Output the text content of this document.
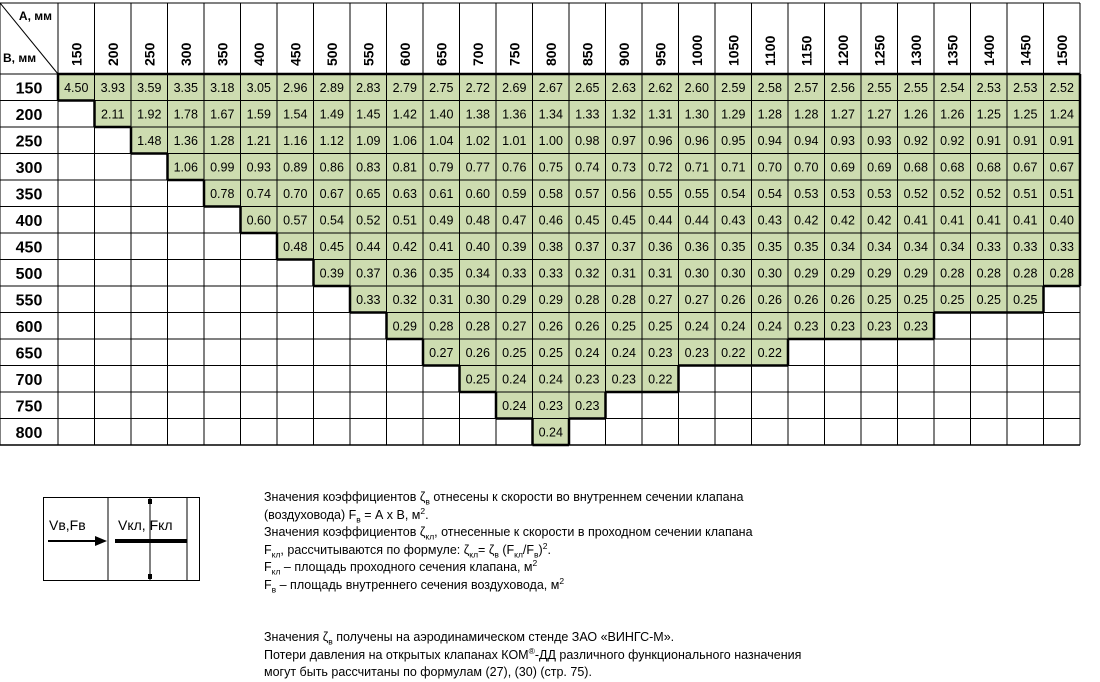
А, мм
В, мм 150 200 250 300 350 400 450 500 550 600 650 700 750 800 850 900 950 1000 1050 1100 1150 1200 1250 1300 1350 1400 1450 1500
150
200
250
300
350
400
450
500
550
600
650
700
750
800
4.50 3.93 3.59 3.35 3.18 3.05 2.96 2.89 2.83 2.79 2.75 2.72 2.69 2.67 2.65 2.63 2.62 2.60 2.59 2.58 2.57 2.56 2.55 2.55 2.54 2.53 2.53 2.52
2.11 1.92 1.78 1.67 1.59 1.54 1.49 1.45 1.42 1.40 1.38 1.36 1.34 1.33 1.32 1.31 1.30 1.29 1.28 1.28 1.27 1.27 1.26 1.26 1.25 1.25 1.24
1.48 1.36 1.28 1.21 1.16 1.12 1.09 1.06 1.04 1.02 1.01 1.00 0.98 0.97 0.96 0.96 0.95 0.94 0.94 0.93 0.93 0.92 0.92 0.91 0.91 0.91
1.06 0.99 0.93 0.89 0.86 0.83 0.81 0.79 0.77 0.76 0.75 0.74 0.73 0.72 0.71 0.71 0.70 0.70 0.69 0.69 0.68 0.68 0.68 0.67 0.67
0.78 0.74 0.70 0.67 0.65 0.63 0.61 0.60 0.59 0.58 0.57 0.56 0.55 0.55 0.54 0.54 0.53 0.53 0.53 0.52 0.52 0.52 0.51 0.51
0.60 0.57 0.54 0.52 0.51 0.49 0.48 0.47 0.46 0.45 0.45 0.44 0.44 0.43 0.43 0.42 0.42 0.42 0.41 0.41 0.41 0.41 0.40
0.48 0.45 0.44 0.42 0.41 0.40 0.39 0.38 0.37 0.37 0.36 0.36 0.35 0.35 0.35 0.34 0.34 0.34 0.34 0.33 0.33 0.33
0.39 0.37 0.36 0.35 0.34 0.33 0.33 0.32 0.31 0.31 0.30 0.30 0.30 0.29 0.29 0.29 0.29 0.28 0.28 0.28 0.28
0.33 0.32 0.31 0.30 0.29 0.29 0.28 0.28 0.27 0.27 0.26 0.26 0.26 0.26 0.25 0.25 0.25 0.25 0.25
0.29 0.28 0.28 0.27 0.26 0.26 0.25 0.25 0.24 0.24 0.24 0.23 0.23 0.23 0.23
0.27 0.26 0.25 0.25 0.24 0.24 0.23 0.23 0.22 0.22
0.25 0.24 0.24 0.23 0.23 0.22
0.24 0.23 0.23
0.24
Vв,Fв Vкл, Fкл

Значения коэффициентов $\zeta_в$ отнесены к скорости во внутреннем сечении клапана

(воздуховода) $F_в = А$ х В, $м^2$.

Значения коэффициентов $\zeta_{кл}$, отнесенные к скорости в проходном сечении клапана

$F_{кл}$, рассчитываются по формуле: $\zeta_{кл}= \zeta_в$ $(F_{кл}/F_в)^2$.

$F_{кл}$ – площадь проходного сечения клапана, $м^2$

$F_в$ – площадь внутреннего сечения воздуховода, $м^2$

Значения $\zeta_в$ получены на аэродинамическом стенде ЗАО «ВИНГС-М».

Потери давления на открытых клапанах КОМ®-ДД различного функционального назначения

могут быть рассчитаны по формулам (27), (30) (стр. 75).
